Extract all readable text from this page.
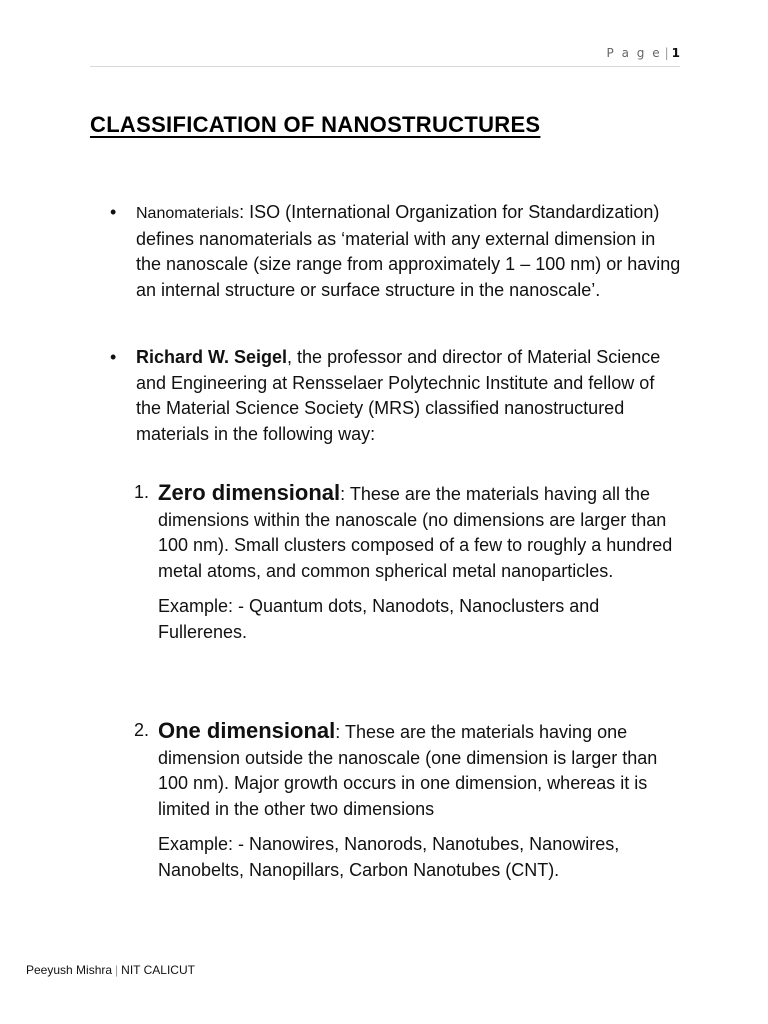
P a g e | 1
CLASSIFICATION OF NANOSTRUCTURES
• Nanomaterials: ISO (International Organization for Standardization) defines nanomaterials as ‘material with any external dimension in the nanoscale (size range from approximately 1 – 100 nm) or having an internal structure or surface structure in the nanoscale’.
• Richard W. Seigel, the professor and director of Material Science and Engineering at Rensselaer Polytechnic Institute and fellow of the Material Science Society (MRS) classified nanostructured materials in the following way:
1. Zero dimensional: These are the materials having all the dimensions within the nanoscale (no dimensions are larger than 100 nm). Small clusters composed of a few to roughly a hundred metal atoms, and common spherical metal nanoparticles.
Example: - Quantum dots, Nanodots, Nanoclusters and Fullerenes.
2. One dimensional: These are the materials having one dimension outside the nanoscale (one dimension is larger than 100 nm). Major growth occurs in one dimension, whereas it is limited in the other two dimensions
Example: - Nanowires, Nanorods, Nanotubes, Nanowires, Nanobelts, Nanopillars, Carbon Nanotubes (CNT).
Peeyush Mishra | NIT CALICUT
